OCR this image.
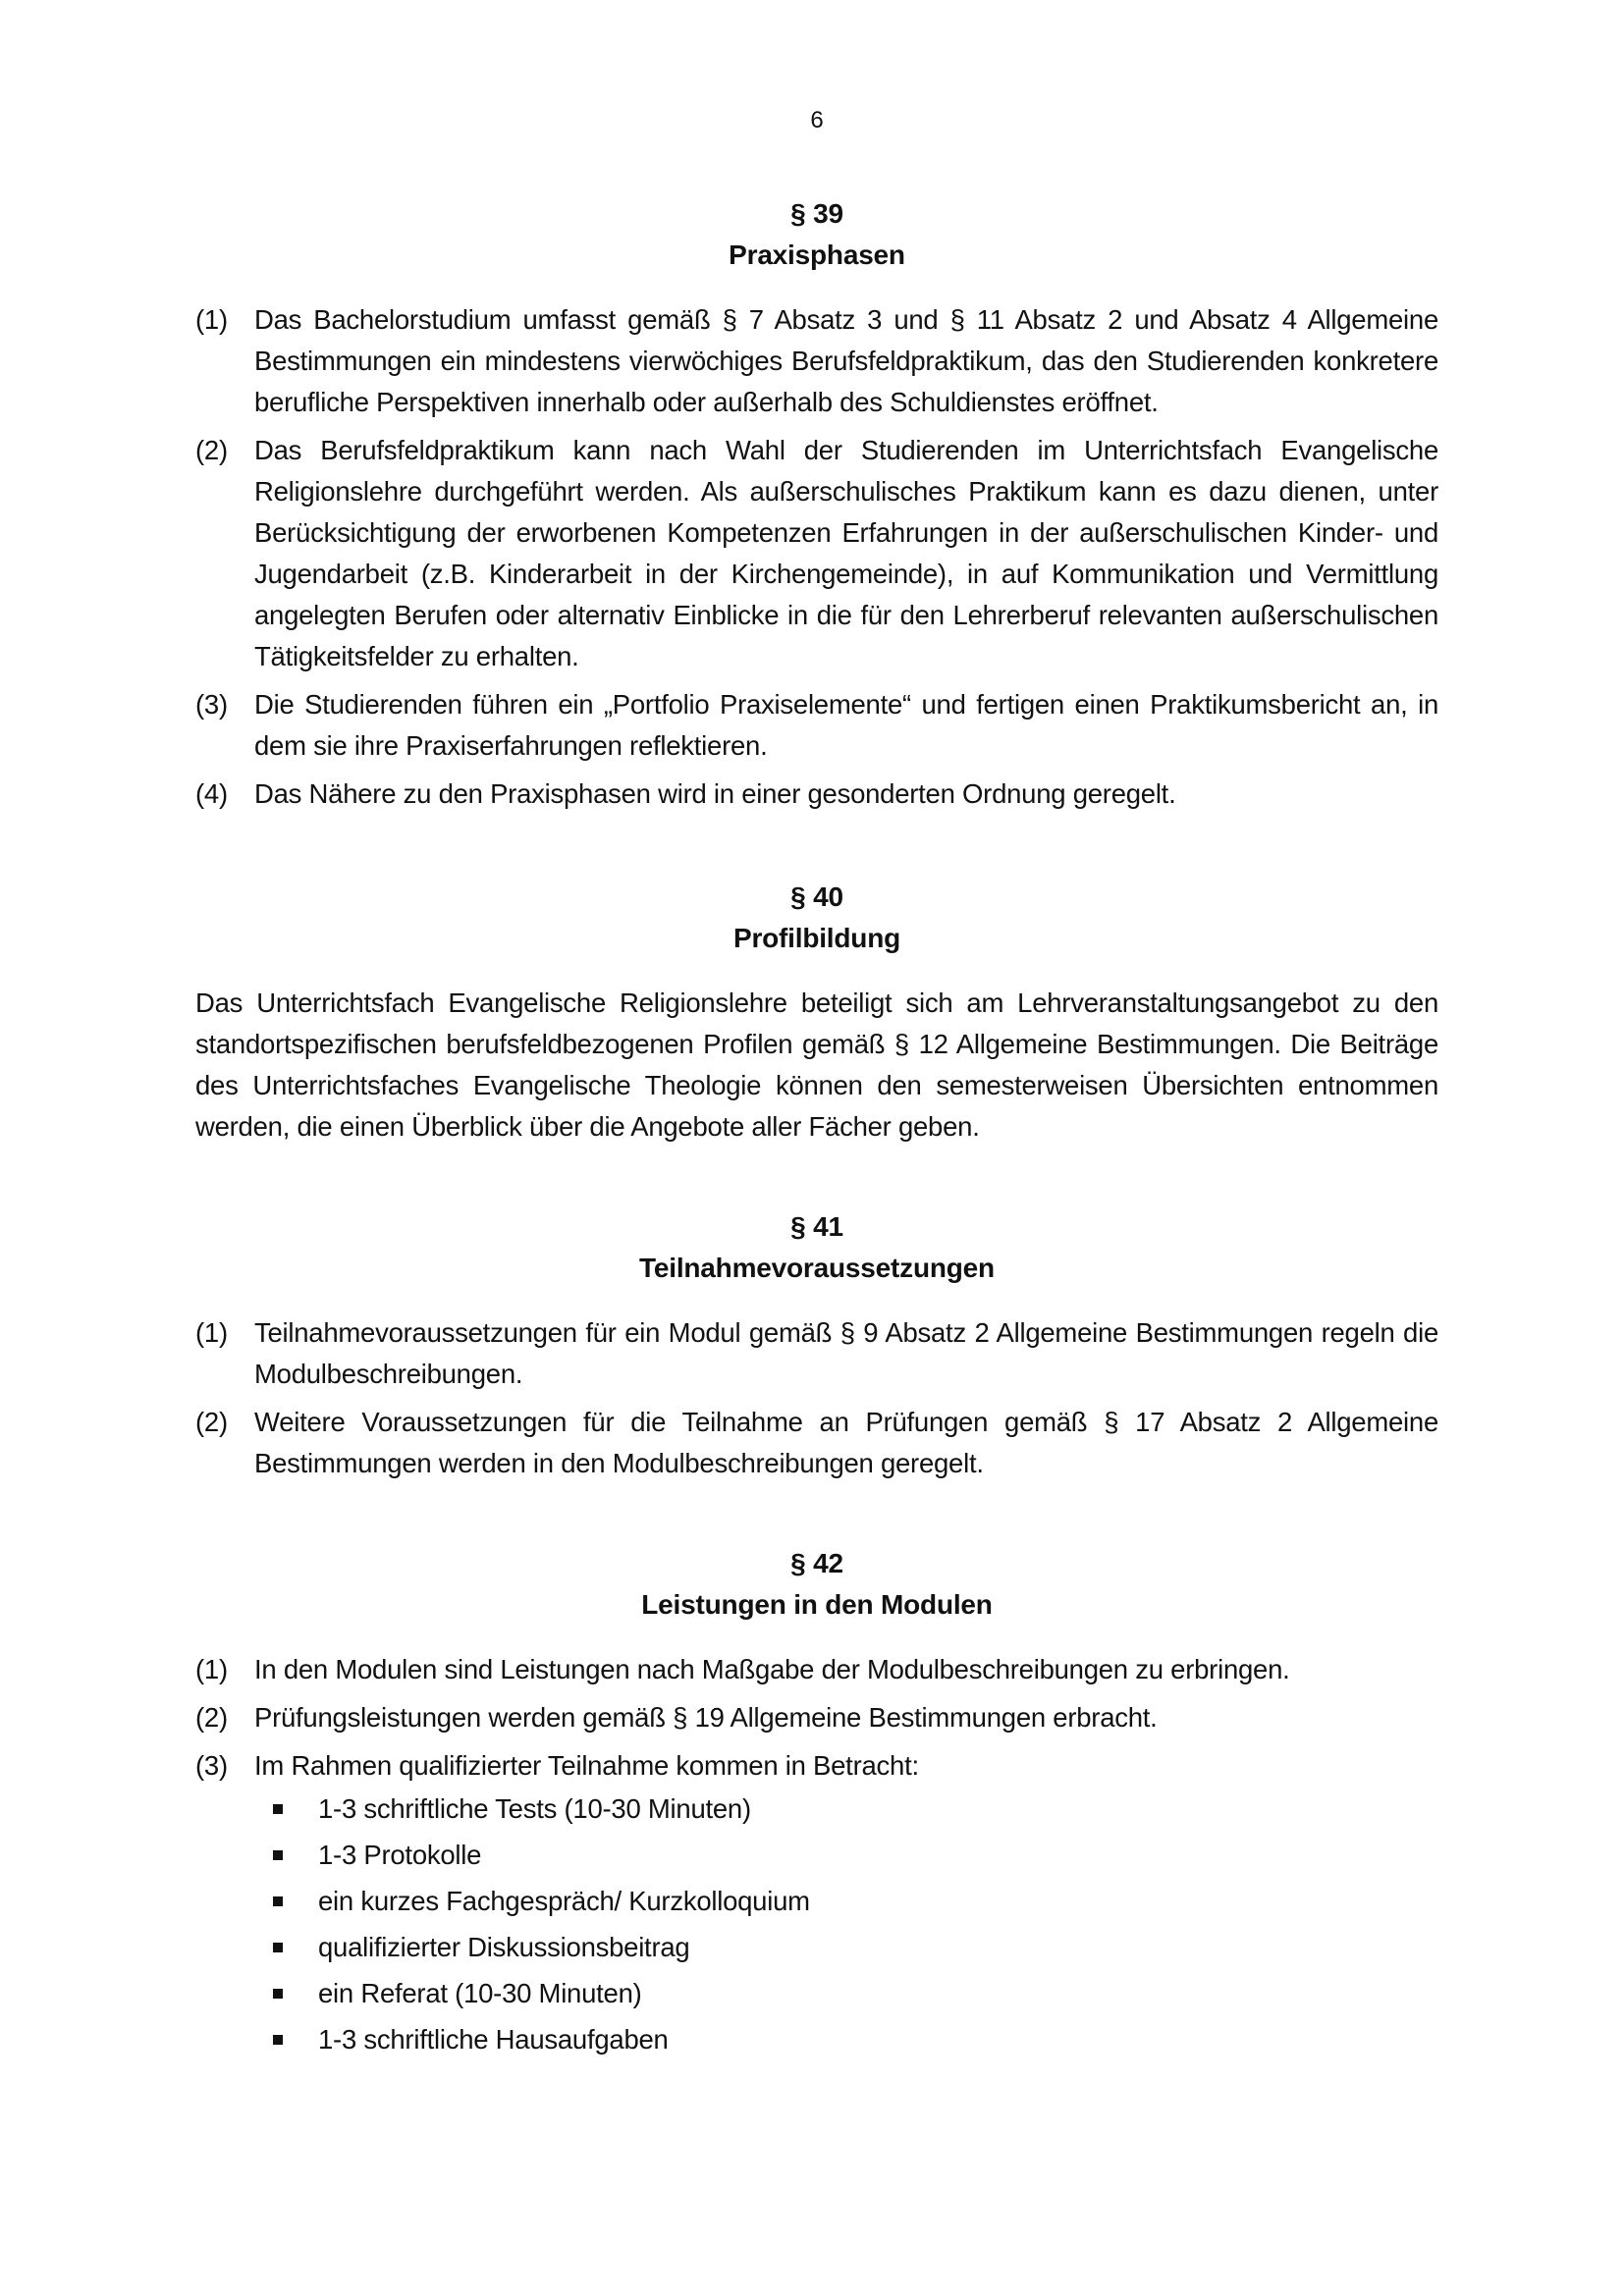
6
§ 39
Praxisphasen
(1) Das Bachelorstudium umfasst gemäß § 7 Absatz 3 und § 11 Absatz 2 und Absatz 4 Allgemeine Bestimmungen ein mindestens vierwöchiges Berufsfeldpraktikum, das den Studierenden konkretere berufliche Perspektiven innerhalb oder außerhalb des Schuldienstes eröffnet.
(2) Das Berufsfeldpraktikum kann nach Wahl der Studierenden im Unterrichtsfach Evangelische Religionslehre durchgeführt werden. Als außerschulisches Praktikum kann es dazu dienen, unter Berücksichtigung der erworbenen Kompetenzen Erfahrungen in der außerschulischen Kinder- und Jugendarbeit (z.B. Kinderarbeit in der Kirchengemeinde), in auf Kommunikation und Vermittlung angelegten Berufen oder alternativ Einblicke in die für den Lehrerberuf relevanten außerschulischen Tätigkeitsfelder zu erhalten.
(3) Die Studierenden führen ein „Portfolio Praxiselemente“ und fertigen einen Praktikumsbericht an, in dem sie ihre Praxiserfahrungen reflektieren.
(4) Das Nähere zu den Praxisphasen wird in einer gesonderten Ordnung geregelt.
§ 40
Profilbildung
Das Unterrichtsfach Evangelische Religionslehre beteiligt sich am Lehrveranstaltungsangebot zu den standortspezifischen berufsfeldbezogenen Profilen gemäß § 12 Allgemeine Bestimmungen. Die Beiträge des Unterrichtsfaches Evangelische Theologie können den semesterweisen Übersichten entnommen werden, die einen Überblick über die Angebote aller Fächer geben.
§ 41
Teilnahmevoraussetzungen
(1) Teilnahmevoraussetzungen für ein Modul gemäß § 9 Absatz 2 Allgemeine Bestimmungen regeln die Modulbeschreibungen.
(2) Weitere Voraussetzungen für die Teilnahme an Prüfungen gemäß § 17 Absatz 2 Allgemeine Bestimmungen werden in den Modulbeschreibungen geregelt.
§ 42
Leistungen in den Modulen
(1) In den Modulen sind Leistungen nach Maßgabe der Modulbeschreibungen zu erbringen.
(2) Prüfungsleistungen werden gemäß § 19 Allgemeine Bestimmungen erbracht.
(3) Im Rahmen qualifizierter Teilnahme kommen in Betracht:
1-3 schriftliche Tests (10-30 Minuten)
1-3 Protokolle
ein kurzes Fachgespräch/ Kurzkolloquium
qualifizierter Diskussionsbeitrag
ein Referat (10-30 Minuten)
1-3 schriftliche Hausaufgaben
